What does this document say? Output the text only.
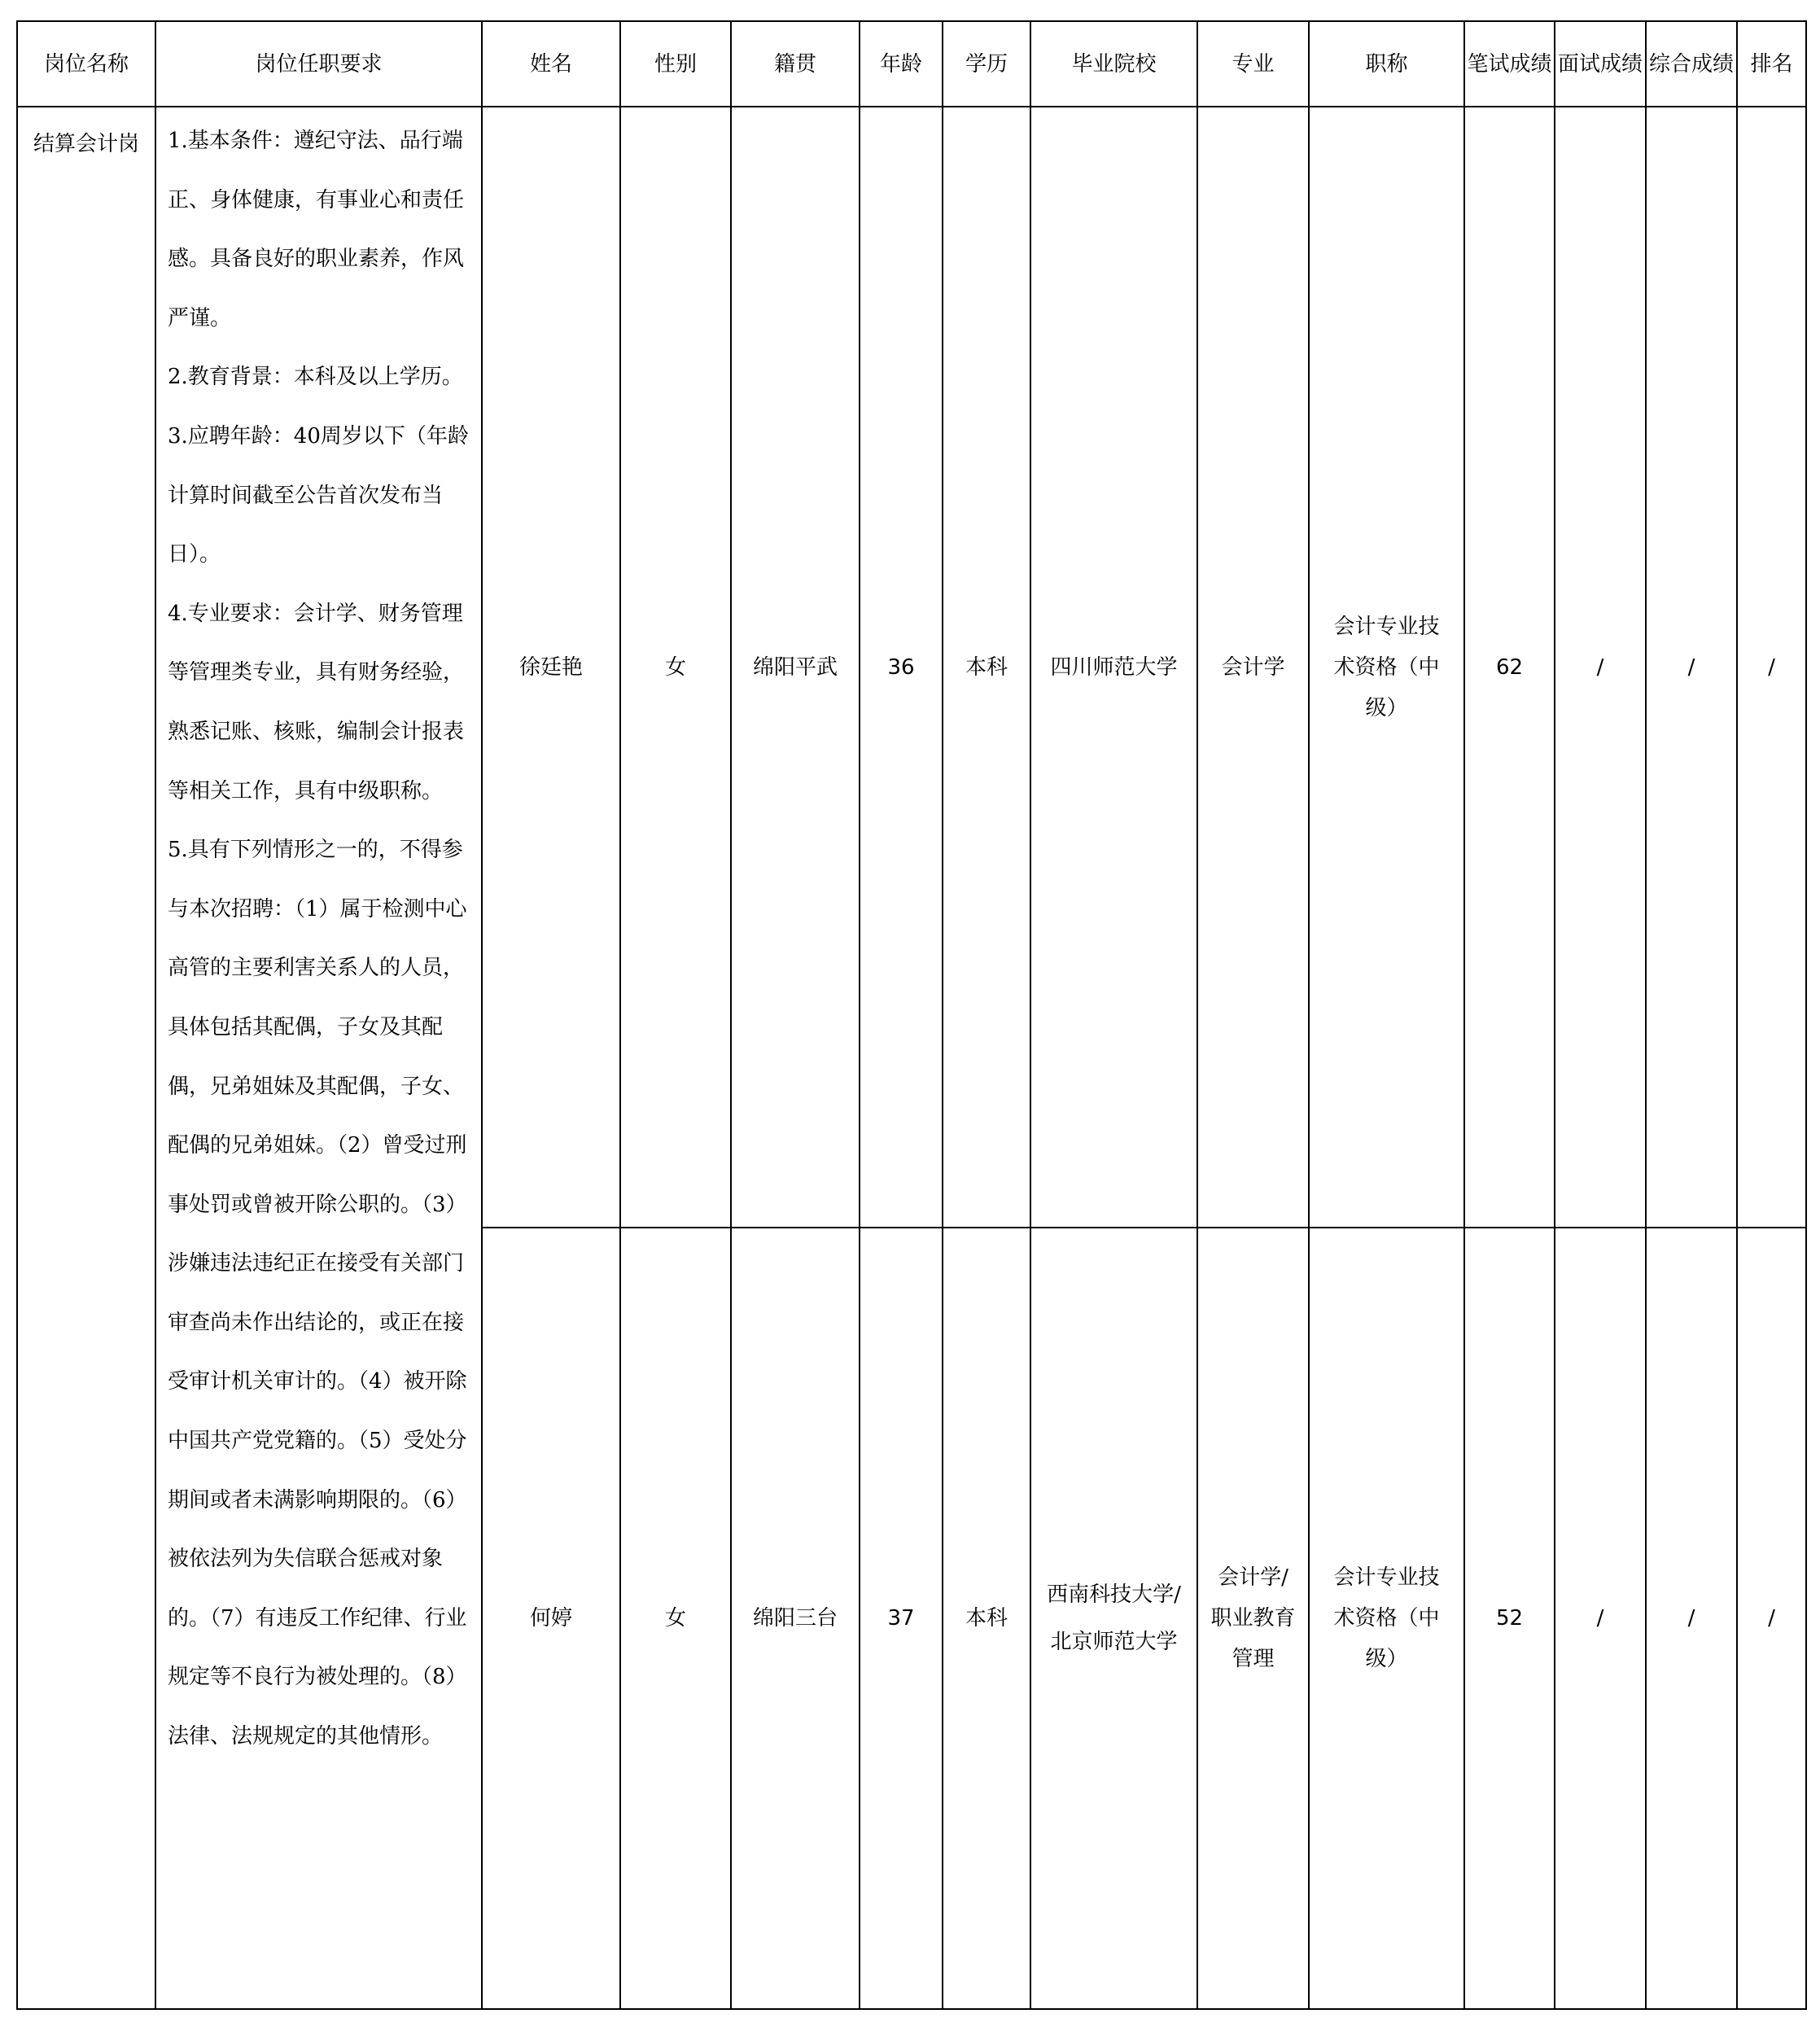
岗位名称	岗位任职要求	姓名	性别	籍贯	年龄	学历	毕业院校	专业	职称	笔试成绩	面试成绩	综合成绩	排名
结算会计岗	1.基本条件：遵纪守法、品行端正、身体健康，有事业心和责任感。具备良好的职业素养，作风严谨。

2.教育背景：本科及以上学历。

3.应聘年龄：40周岁以下（年龄计算时间截至公告首次发布当日）。

4.专业要求：会计学、财务管理等管理类专业，具有财务经验，熟悉记账、核账，编制会计报表等相关工作，具有中级职称。

5.具有下列情形之一的，不得参与本次招聘：（1）属于检测中心高管的主要利害关系人的人员，具体包括其配偶，子女及其配偶，兄弟姐妹及其配偶，子女、配偶的兄弟姐妹。（2）曾受过刑事处罚或曾被开除公职的。（3）涉嫌违法违纪正在接受有关部门审查尚未作出结论的，或正在接受审计机关审计的。（4）被开除中国共产党党籍的。（5）受处分期间或者未满影响期限的。（6）被依法列为失信联合惩戒对象的。（7）有违反工作纪律、行业规定等不良行为被处理的。（8）法律、法规规定的其他情形。	徐廷艳	女	绵阳平武	36	本科	四川师范大学	会计学	会计专业技术资格（中级）	62	/	/	/
		何婷	女	绵阳三台	37	本科	西南科技大学/北京师范大学	会计学/职业教育管理	会计专业技术资格（中级）	52	/	/	/
